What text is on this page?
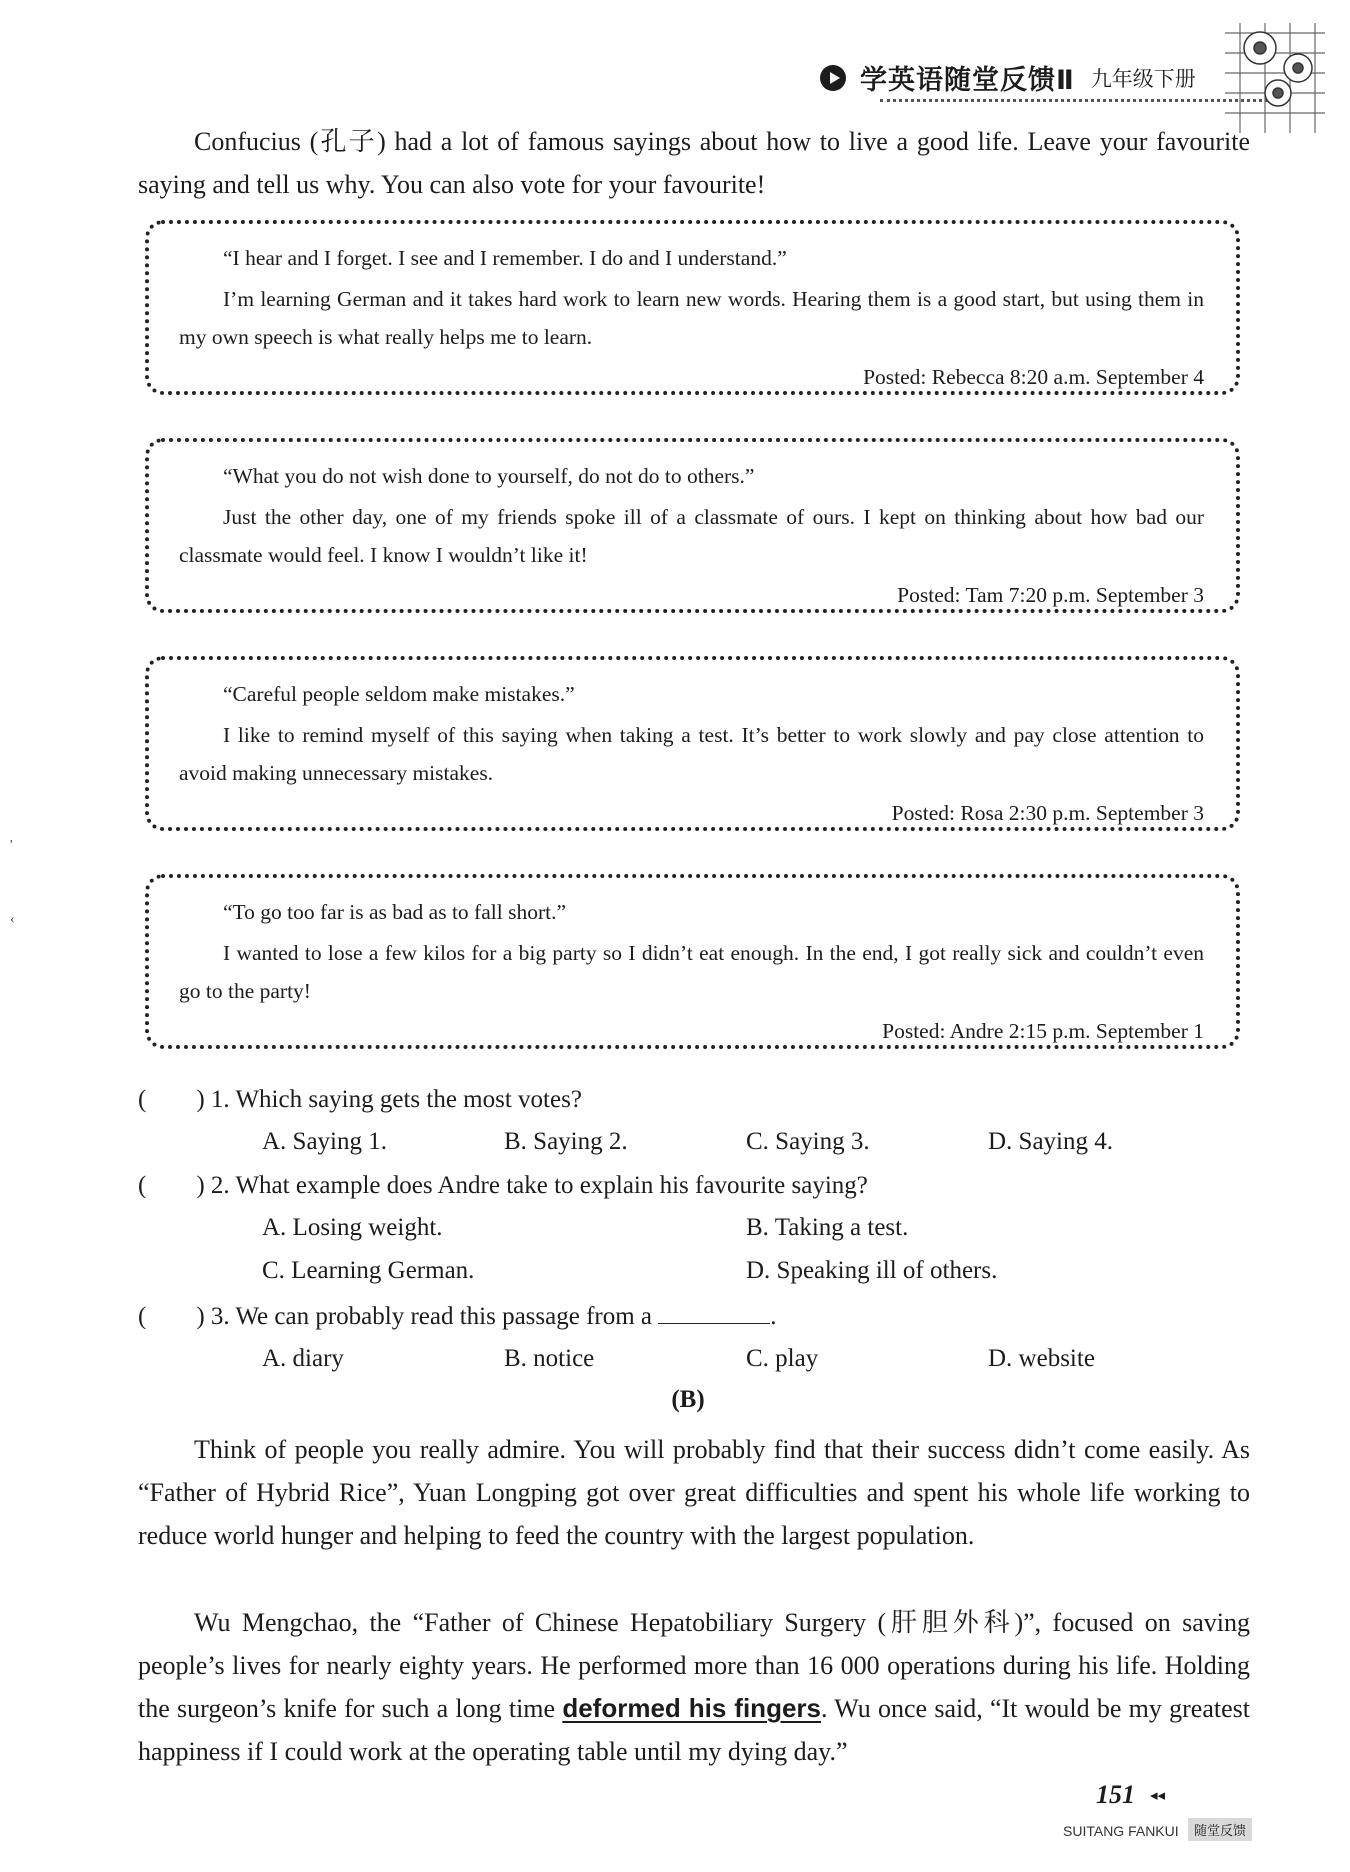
学英语随堂反馈Ⅱ 九年级下册
Confucius (孔子) had a lot of famous sayings about how to live a good life. Leave your favourite saying and tell us why. You can also vote for your favourite!
“I hear and I forget. I see and I remember. I do and I understand.”
I’m learning German and it takes hard work to learn new words. Hearing them is a good start, but using them in my own speech is what really helps me to learn.
Posted: Rebecca 8:20 a.m. September 4
“What you do not wish done to yourself, do not do to others.”
Just the other day, one of my friends spoke ill of a classmate of ours. I kept on thinking about how bad our classmate would feel. I know I wouldn’t like it!
Posted: Tam 7:20 p.m. September 3
“Careful people seldom make mistakes.”
I like to remind myself of this saying when taking a test. It’s better to work slowly and pay close attention to avoid making unnecessary mistakes.
Posted: Rosa 2:30 p.m. September 3
“To go too far is as bad as to fall short.”
I wanted to lose a few kilos for a big party so I didn’t eat enough. In the end, I got really sick and couldn’t even go to the party!
Posted: Andre 2:15 p.m. September 1
(　　) 1. Which saying gets the most votes?
A. Saying 1.	B. Saying 2.	C. Saying 3.	D. Saying 4.
(　　) 2. What example does Andre take to explain his favourite saying?
A. Losing weight.	B. Taking a test.
C. Learning German.	D. Speaking ill of others.
(　　) 3. We can probably read this passage from a	.
A. diary	B. notice	C. play	D. website
(B)
Think of people you really admire. You will probably find that their success didn’t come easily. As “Father of Hybrid Rice”, Yuan Longping got over great difficulties and spent his whole life working to reduce world hunger and helping to feed the country with the largest population.
Wu Mengchao, the “Father of Chinese Hepatobiliary Surgery (肝胆外科)”, focused on saving people’s lives for nearly eighty years. He performed more than 16 000 operations during his life. Holding the surgeon’s knife for such a long time deformed his fingers. Wu once said, “It would be my greatest happiness if I could work at the operating table until my dying day.”
'
‹
151 ◂◂
SUITANG FANKUI	随堂反馈
